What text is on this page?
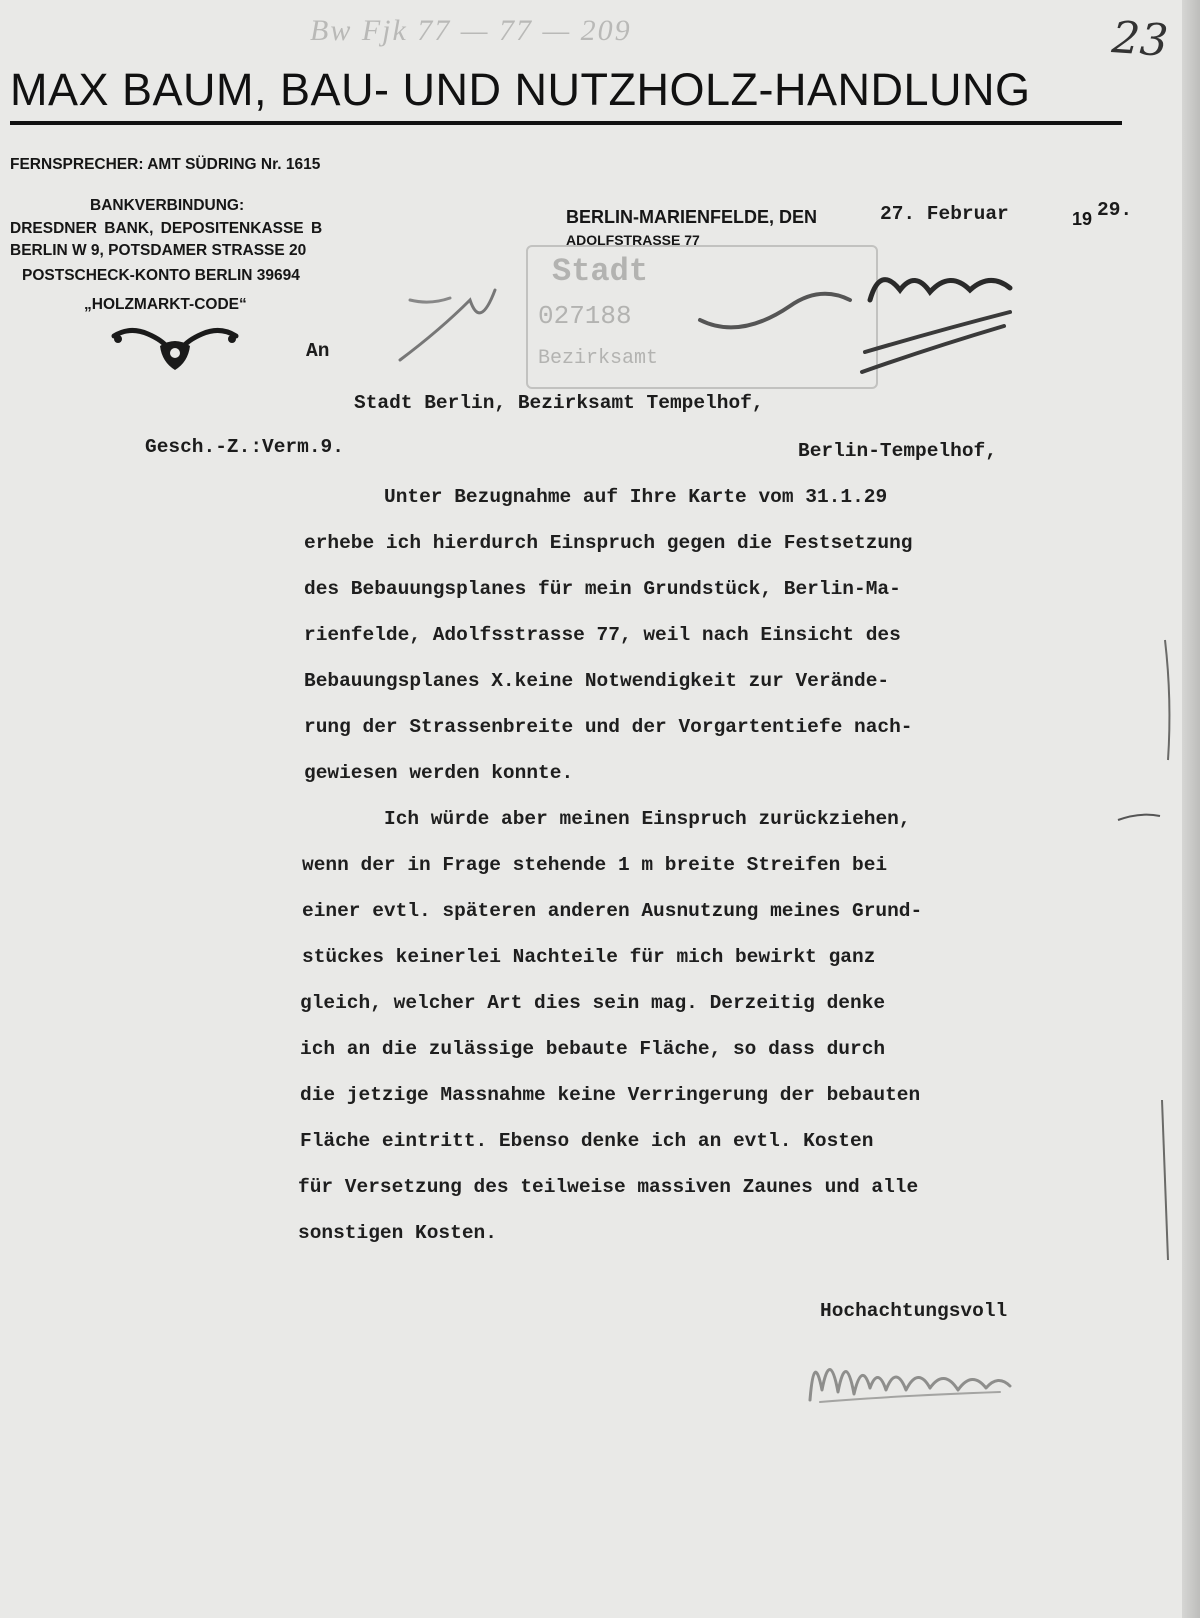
Bw Fjk 77 — 77 — 209	23
MAX BAUM, BAU- UND NUTZHOLZ-HANDLUNG
FERNSPRECHER: AMT SÜDRING Nr. 1615
BANKVERBINDUNG:
DRESDNER BANK, DEPOSITENKASSE B
BERLIN W 9, POTSDAMER STRASSE 20
POSTSCHECK-KONTO BERLIN 39694
„HOLZMARKT-CODE“
BERLIN-MARIENFELDE, DEN
ADOLFSTRASSE 77
27. Februar	19 29.
Stadt
027188
Bezirksamt
An
Stadt Berlin, Bezirksamt Tempelhof,
Gesch.-Z.:Verm.9.	Berlin-Tempelhof,
Unter Bezugnahme auf Ihre Karte vom 31.1.29
erhebe ich hierdurch Einspruch gegen die Festsetzung
des Bebauungsplanes für mein Grundstück, Berlin-Ma-
rienfelde, Adolfsstrasse 77, weil nach Einsicht des
Bebauungsplanes X.keine Notwendigkeit zur Verände-
rung der Strassenbreite und der Vorgartentiefe nach-
gewiesen werden konnte.
Ich würde aber meinen Einspruch zurückziehen,
wenn der in Frage stehende 1 m breite Streifen bei
einer evtl. späteren anderen Ausnutzung meines Grund-
stückes keinerlei Nachteile für mich bewirkt ganz
gleich, welcher Art dies sein mag. Derzeitig denke
ich an die zulässige bebaute Fläche, so dass durch
die jetzige Massnahme keine Verringerung der bebauten
Fläche eintritt. Ebenso denke ich an evtl. Kosten
für Versetzung des teilweise massiven Zaunes und alle
sonstigen Kosten.
Hochachtungsvoll
